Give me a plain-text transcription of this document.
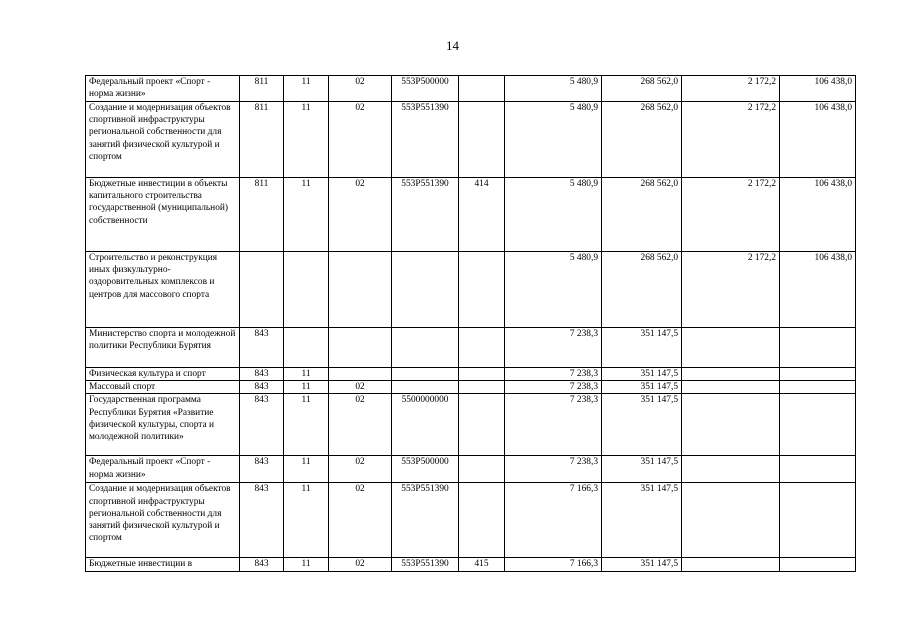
14
Федеральный проект «Спорт - норма жизни»	811	11	02	553P500000		5 480,9	268 562,0	2 172,2	106 438,0
Создание и модернизация объектов спортивной инфраструктуры региональной собственности для занятий физической культурой и спортом	811	11	02	553P551390		5 480,9	268 562,0	2 172,2	106 438,0
Бюджетные инвестиции в объекты капитального строительства государственной (муниципальной) собственности	811	11	02	553P551390	414	5 480,9	268 562,0	2 172,2	106 438,0
Строительство и реконструкция иных физкультурно-оздоровительных комплексов и центров для массового спорта						5 480,9	268 562,0	2 172,2	106 438,0
Министерство спорта и молодежной политики Республики Бурятия	843					7 238,3	351 147,5		
Физическая культура и спорт	843	11				7 238,3	351 147,5		
Массовый спорт	843	11	02			7 238,3	351 147,5		
Государственная программа Республики Бурятия «Развитие физической культуры, спорта и молодежной политики»	843	11	02	5500000000		7 238,3	351 147,5		
Федеральный проект «Спорт - норма жизни»	843	11	02	553P500000		7 238,3	351 147,5		
Создание и модернизация объектов спортивной инфраструктуры региональной собственности для занятий физической культурой и спортом	843	11	02	553P551390		7 166,3	351 147,5		
Бюджетные инвестиции в	843	11	02	553P551390	415	7 166,3	351 147,5		
